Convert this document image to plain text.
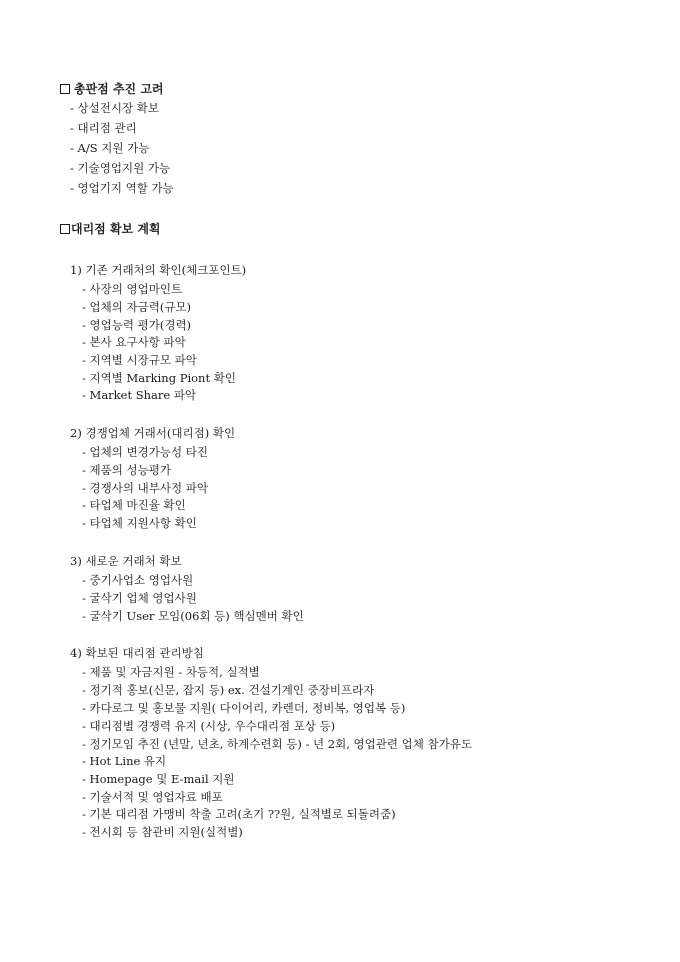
총판점 추진 고려
- 상설전시장 확보
- 대리점 관리
- A/S 지원 가능
- 기술영업지원 가능
- 영업기지 역할 가능
대리점 확보 계획
1) 기존 거래처의 확인(체크포인트)
- 사장의 영업마인트
- 업체의 자금력(규모)
- 영업능력 평가(경력)
- 본사 요구사항 파악
- 지역별 시장규모 파악
- 지역별 Marking Piont 확인
- Market Share 파악
2) 경쟁업체 거래서(대리점) 확인
- 업체의 변경가능성 타진
- 제품의 성능평가
- 경쟁사의 내부사정 파악
- 타업체 마진율 확인
- 타업체 지원사항 확인
3) 새로운 거래처 확보
- 중기사업소 영업사원
- 굴삭기 업체 영업사원
- 굴삭기 User 모임(06회 등) 핵심멘버 확인
4) 확보된 대리점 관리방침
- 제품 및 자금지원 - 차등적, 실적별
- 정기적 홍보(신문, 잡지 등) ex. 건설기계인 중장비프라자
- 카다로그 및 홍보물 지원( 다이어리, 카렌더, 정비복, 영업복 등)
- 대리점별 경쟁력 유지 (시상, 우수대리점 포상 등)
- 정기모임 추진 (년말, 년초, 하계수련회 등) - 년 2회, 영업관련 업체 참가유도
- Hot Line 유지
- Homepage 및 E-mail 지원
- 기술서적 및 영업자료 배포
- 기본 대리점 가맹비 착출 고려(초기 ??원, 실적별로 되돌려줌)
- 전시회 등 참관비 지원(실적별)
